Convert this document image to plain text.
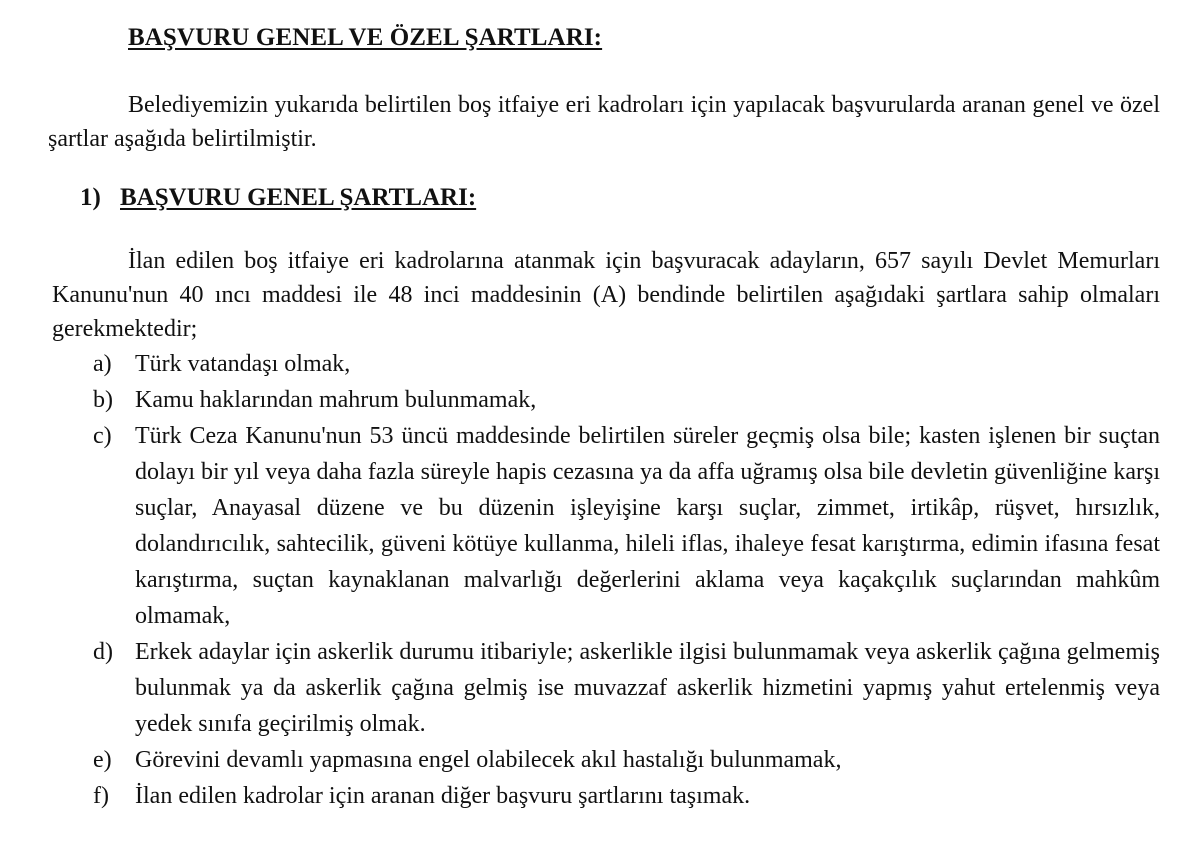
BAŞVURU GENEL VE ÖZEL ŞARTLARI:

Belediyemizin yukarıda belirtilen boş itfaiye eri kadroları için yapılacak başvurularda aranan genel ve özel şartlar aşağıda belirtilmiştir.

1) BAŞVURU GENEL ŞARTLARI:

İlan edilen boş itfaiye eri kadrolarına atanmak için başvuracak adayların, 657 sayılı Devlet Memurları Kanunu'nun 40 ıncı maddesi ile 48 inci maddesinin (A) bendinde belirtilen aşağıdaki şartlara sahip olmaları gerekmektedir;

a) Türk vatandaşı olmak,
b) Kamu haklarından mahrum bulunmamak,
c) Türk Ceza Kanunu'nun 53 üncü maddesinde belirtilen süreler geçmiş olsa bile; kasten işlenen bir suçtan dolayı bir yıl veya daha fazla süreyle hapis cezasına ya da affa uğramış olsa bile devletin güvenliğine karşı suçlar, Anayasal düzene ve bu düzenin işleyişine karşı suçlar, zimmet, irtikâp, rüşvet, hırsızlık, dolandırıcılık, sahtecilik, güveni kötüye kullanma, hileli iflas, ihaleye fesat karıştırma, edimin ifasına fesat karıştırma, suçtan kaynaklanan malvarlığı değerlerini aklama veya kaçakçılık suçlarından mahkûm olmamak,
d) Erkek adaylar için askerlik durumu itibariyle; askerlikle ilgisi bulunmamak veya askerlik çağına gelmemiş bulunmak ya da askerlik çağına gelmiş ise muvazzaf askerlik hizmetini yapmış yahut ertelenmiş veya yedek sınıfa geçirilmiş olmak.
e) Görevini devamlı yapmasına engel olabilecek akıl hastalığı bulunmamak,
f)	İlan edilen kadrolar için aranan diğer başvuru şartlarını taşımak.
